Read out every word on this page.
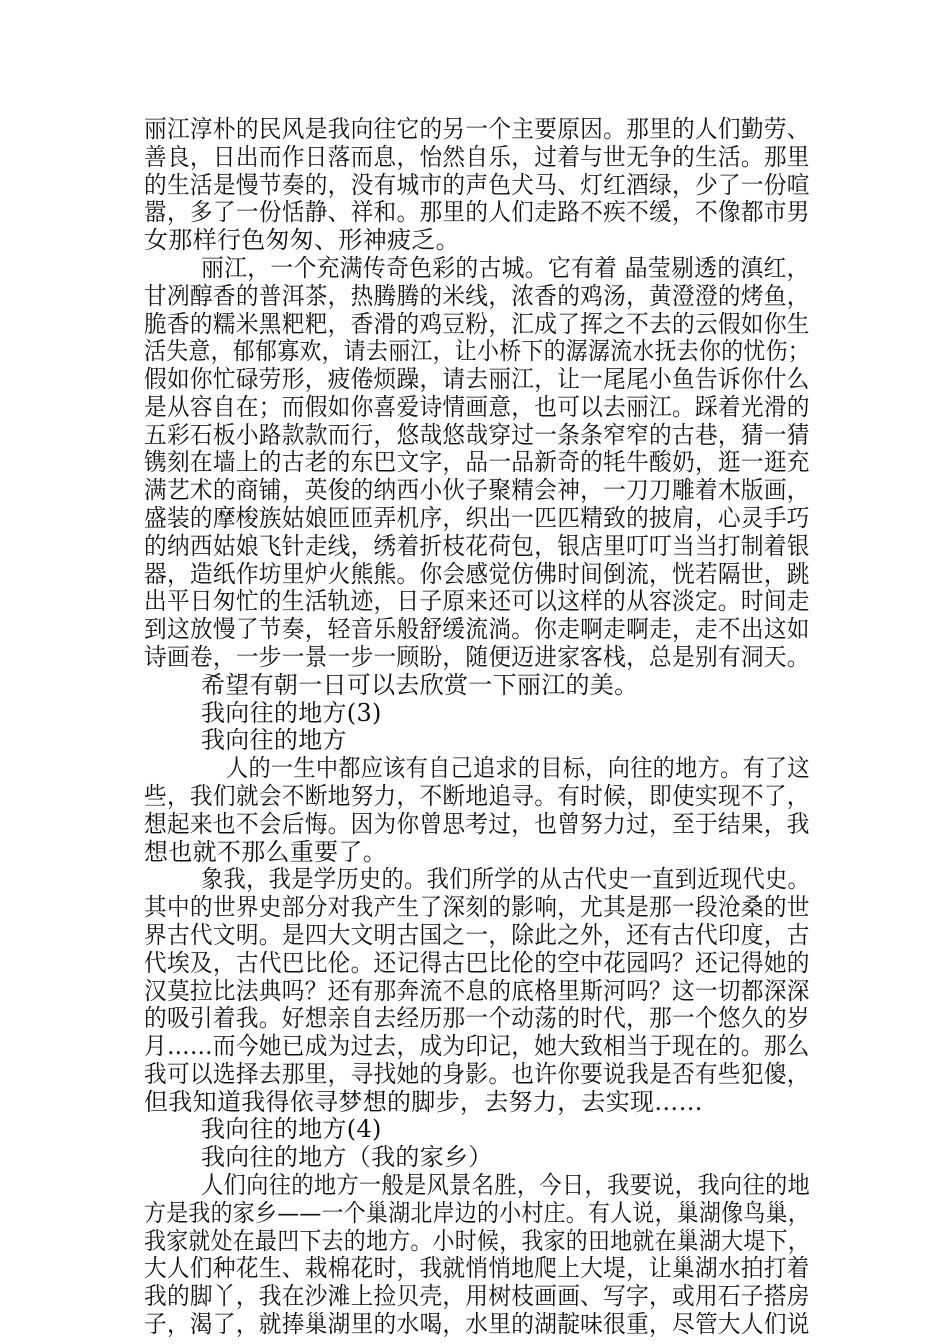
丽江淳朴的民风是我向往它的另一个主要原因。那里的人们勤劳、
善良，日出而作日落而息，怡然自乐，过着与世无争的生活。那里
的生活是慢节奏的，没有城市的声色犬马、灯红酒绿，少了一份喧
嚣，多了一份恬静、祥和。那里的人们走路不疾不缓，不像都市男
女那样行色匆匆、形神疲乏。
丽江，一个充满传奇色彩的古城。它有着 晶莹剔透的滇红，
甘冽醇香的普洱茶，热腾腾的米线，浓香的鸡汤，黄澄澄的烤鱼，
脆香的糯米黑粑粑，香滑的鸡豆粉，汇成了挥之不去的云假如你生
活失意，郁郁寡欢，请去丽江，让小桥下的潺潺流水抚去你的忧伤；
假如你忙碌劳形，疲倦烦躁，请去丽江，让一尾尾小鱼告诉你什么
是从容自在；而假如你喜爱诗情画意，也可以去丽江。踩着光滑的
五彩石板小路款款而行，悠哉悠哉穿过一条条窄窄的古巷，猜一猜
镌刻在墙上的古老的东巴文字，品一品新奇的牦牛酸奶，逛一逛充
满艺术的商铺，英俊的纳西小伙子聚精会神，一刀刀雕着木版画，
盛装的摩梭族姑娘匝匝弄机序，织出一匹匹精致的披肩，心灵手巧
的纳西姑娘飞针走线，绣着折枝花荷包，银店里叮叮当当打制着银
器，造纸作坊里炉火熊熊。你会感觉仿佛时间倒流，恍若隔世，跳
出平日匆忙的生活轨迹，日子原来还可以这样的从容淡定。时间走
到这放慢了节奏，轻音乐般舒缓流淌。你走啊走啊走，走不出这如
诗画卷，一步一景一步一顾盼，随便迈进家客栈，总是别有洞天。
希望有朝一日可以去欣赏一下丽江的美。
我向往的地方(3)
我向往的地方
人的一生中都应该有自己追求的目标，向往的地方。有了这
些，我们就会不断地努力，不断地追寻。有时候，即使实现不了，
想起来也不会后悔。因为你曾思考过，也曾努力过，至于结果，我
想也就不那么重要了。
象我，我是学历史的。我们所学的从古代史一直到近现代史。
其中的世界史部分对我产生了深刻的影响，尤其是那一段沧桑的世
界古代文明。是四大文明古国之一，除此之外，还有古代印度，古
代埃及，古代巴比伦。还记得古巴比伦的空中花园吗？还记得她的
汉莫拉比法典吗？还有那奔流不息的底格里斯河吗？这一切都深深
的吸引着我。好想亲自去经历那一个动荡的时代，那一个悠久的岁
月……而今她已成为过去，成为印记，她大致相当于现在的。那么
我可以选择去那里，寻找她的身影。也许你要说我是否有些犯傻，
但我知道我得依寻梦想的脚步，去努力，去实现……
我向往的地方(4)
我向往的地方（我的家乡）
人们向往的地方一般是风景名胜，今日，我要说，我向往的地
方是我的家乡——一个巢湖北岸边的小村庄。有人说，巢湖像鸟巢，
我家就处在最凹下去的地方。小时候，我家的田地就在巢湖大堤下，
大人们种花生、栽棉花时，我就悄悄地爬上大堤，让巢湖水拍打着
我的脚丫，我在沙滩上捡贝壳，用树枝画画、写字，或用石子搭房
子，渴了，就捧巢湖里的水喝，水里的湖靛味很重，尽管大人们说
